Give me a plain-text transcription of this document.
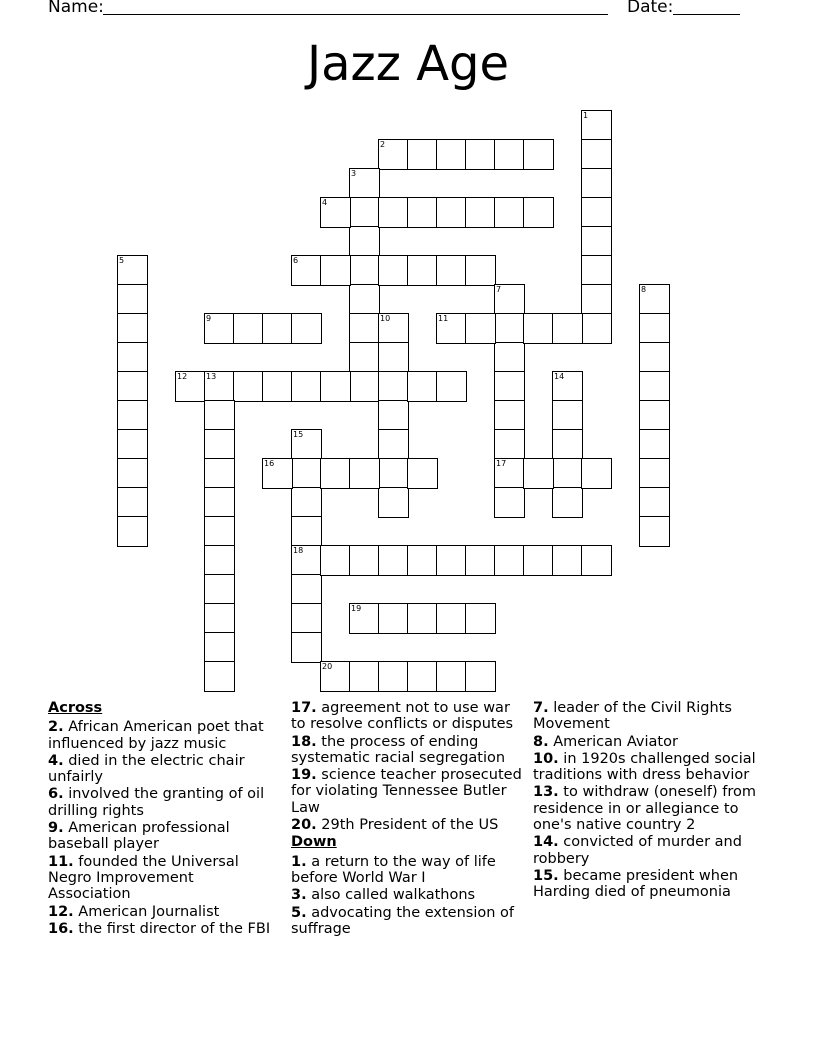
Name:	Date:
Jazz Age
1
2
3
4
5	6
7
17
8
9	10	11
12 13	14
15
18
16
19
20
Across
2. African American poet that influenced by jazz music
4. died in the electric chair unfairly
6. involved the granting of oil drilling rights
9. American professional baseball player
11. founded the Universal Negro Improvement Association
12. American Journalist
16. the first director of the FBI
17. agreement not to use war to resolve conflicts or disputes
18. the process of ending systematic racial segregation
19. science teacher prosecuted for violating Tennessee Butler Law
20. 29th President of the US
Down
1. a return to the way of life before World War I
3. also called walkathons
5. advocating the extension of suffrage
7. leader of the Civil Rights Movement
8. American Aviator
10. in 1920s challenged social traditions with dress behavior
13. to withdraw (oneself) from residence in or allegiance to one's native country 2
14. convicted of murder and robbery
15. became president when Harding died of pneumonia
